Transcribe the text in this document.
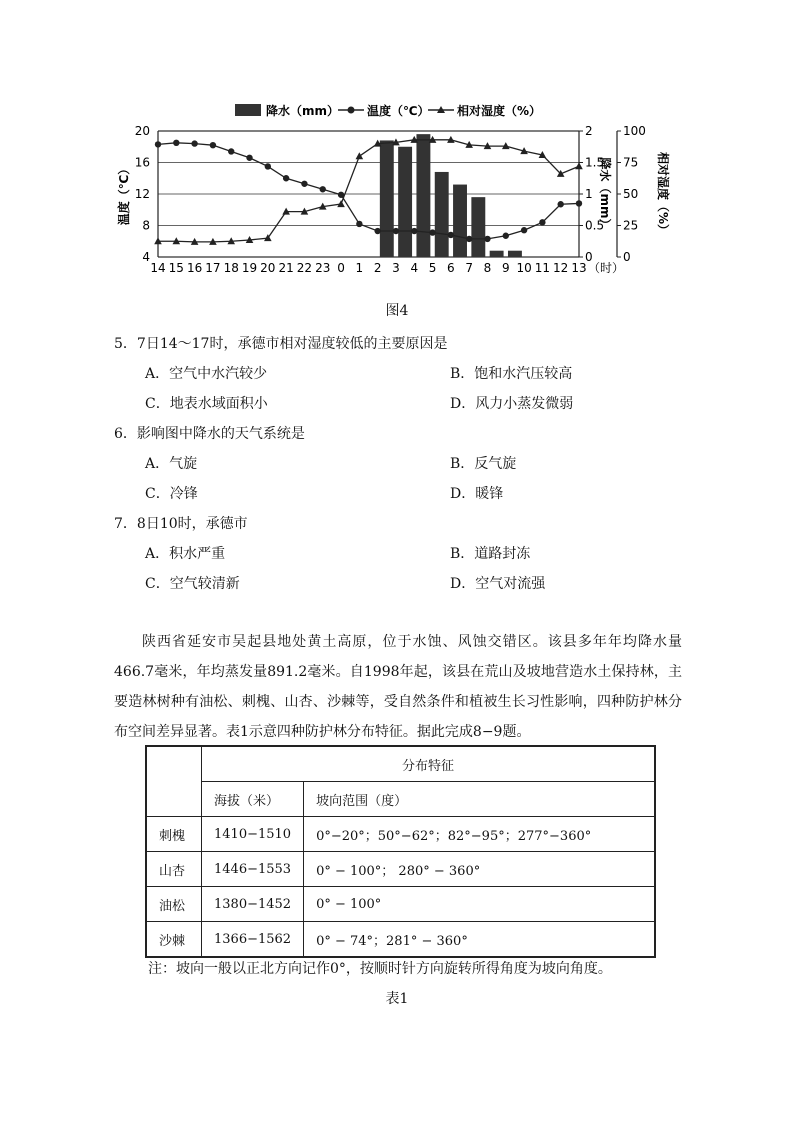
降水（mm） 温度（℃） 相对湿度（%）
20
16
12
8
4
2
1.5
1
0.5
0
100
75
50
25
0
14 15 16 17 18 19 20 21 22 23 0 1 2 3 4 5 6 7 8 9 10 11 12 13 （时）
温度（℃）	降水（mm）	相对湿度（%）
图4
5．7日14～17时，承德市相对湿度较低的主要原因是
A．空气中水汽较少	B．饱和水汽压较高
C．地表水域面积小	D．风力小蒸发微弱
6．影响图中降水的天气系统是
A．气旋	B．反气旋
C．冷锋	D．暖锋
7．8日10时，承德市
A．积水严重	B．道路封冻
C．空气较清新	D．空气对流强

陕西省延安市吴起县地处黄土高原，位于水蚀、风蚀交错区。该县多年年均降水量466.7毫米，年均蒸发量891.2毫米。自1998年起，该县在荒山及坡地营造水土保持林，主要造林树种有油松、刺槐、山杏、沙棘等，受自然条件和植被生长习性影响，四种防护林分布空间差异显著。表1示意四种防护林分布特征。据此完成8−9题。

	分布特征	
	海拔（米）	坡向范围（度）
刺槐	1410−1510	0°−20°；50°−62°；82°−95°；277°−360°
山杏	1446−1553	0° − 100°； 280° − 360°
油松	1380−1452	0° − 100°
沙棘	1366−1562	0° − 74°；281° − 360°
注：坡向一般以正北方向记作0°，按顺时针方向旋转所得角度为坡向角度。
表1
